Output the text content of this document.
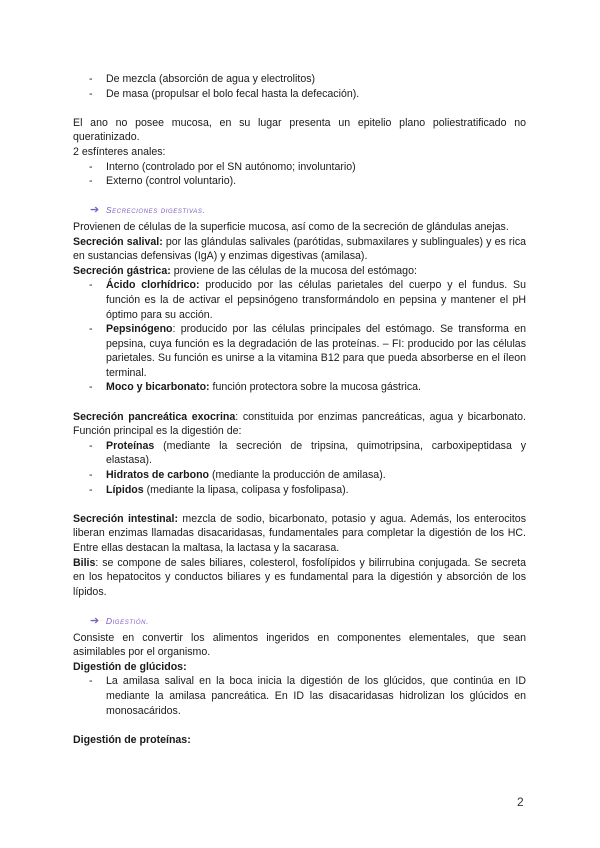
- De mezcla (absorción de agua y electrolitos)
- De masa (propulsar el bolo fecal hasta la defecación).

El ano no posee mucosa, en su lugar presenta un epitelio plano poliestratificado no queratinizado.

2 esfínteres anales:

- Interno (controlado por el SN autónomo; involuntario)
- Externo (control voluntario).
➔ Secreciones digestivas.

Provienen de células de la superficie mucosa, así como de la secreción de glándulas anejas.

Secreción salival: por las glándulas salivales (parótidas, submaxilares y sublinguales) y es rica en sustancias defensivas (IgA) y enzimas digestivas (amilasa).

Secreción gástrica: proviene de las células de la mucosa del estómago:

- Ácido clorhídrico: producido por las células parietales del cuerpo y el fundus. Su función es la de activar el pepsinógeno transformándolo en pepsina y mantener el pH óptimo para su acción.
- Pepsinógeno: producido por las células principales del estómago. Se transforma en pepsina, cuya función es la degradación de las proteínas. – FI: producido por las células parietales. Su función es unirse a la vitamina B12 para que pueda absorberse en el íleon terminal.
- Moco y bicarbonato: función protectora sobre la mucosa gástrica.

Secreción pancreática exocrina: constituida por enzimas pancreáticas, agua y bicarbonato. Función principal es la digestión de:

- Proteínas (mediante la secreción de tripsina, quimotripsina, carboxipeptidasa y elastasa).
- Hidratos de carbono (mediante la producción de amilasa).
- Lípidos (mediante la lipasa, colipasa y fosfolipasa).

Secreción intestinal: mezcla de sodio, bicarbonato, potasio y agua. Además, los enterocitos liberan enzimas llamadas disacaridasas, fundamentales para completar la digestión de los HC. Entre ellas destacan la maltasa, la lactasa y la sacarasa.

Bilis: se compone de sales biliares, colesterol, fosfolípidos y bilirrubina conjugada. Se secreta en los hepatocitos y conductos biliares y es fundamental para la digestión y absorción de los lípidos.

➔ Digestión.

Consiste en convertir los alimentos ingeridos en componentes elementales, que sean asimilables por el organismo.

Digestión de glúcidos:

- La amilasa salival en la boca inicia la digestión de los glúcidos, que continúa en ID mediante la amilasa pancreática. En ID las disacaridasas hidrolizan los glúcidos en monosacáridos.

Digestión de proteínas:

2
